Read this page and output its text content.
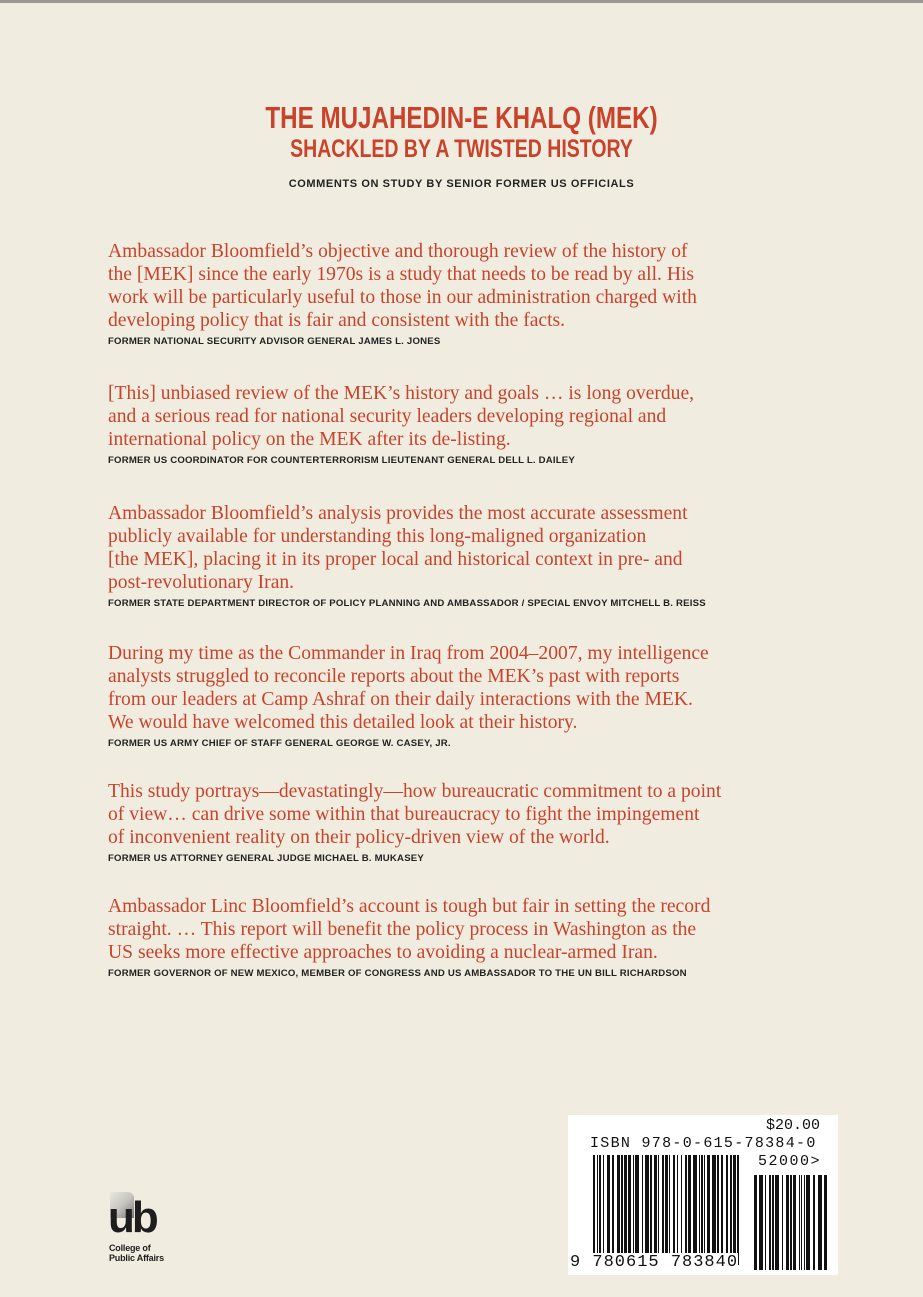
THE MUJAHEDIN-E KHALQ (MEK)
SHACKLED BY A TWISTED HISTORY
COMMENTS ON STUDY BY SENIOR FORMER US OFFICIALS
Ambassador Bloomfield’s objective and thorough review of the history of
the [MEK] since the early 1970s is a study that needs to be read by all. His
work will be particularly useful to those in our administration charged with
developing policy that is fair and consistent with the facts.
FORMER NATIONAL SECURITY ADVISOR GENERAL JAMES L. JONES
[This] unbiased review of the MEK’s history and goals … is long overdue,
and a serious read for national security leaders developing regional and
international policy on the MEK after its de-listing.
FORMER US COORDINATOR FOR COUNTERTERRORISM LIEUTENANT GENERAL DELL L. DAILEY
Ambassador Bloomfield’s analysis provides the most accurate assessment
publicly available for understanding this long-maligned organization
[the MEK], placing it in its proper local and historical context in pre- and
post-revolutionary Iran.
FORMER STATE DEPARTMENT DIRECTOR OF POLICY PLANNING AND AMBASSADOR / SPECIAL ENVOY MITCHELL B. REISS
During my time as the Commander in Iraq from 2004–2007, my intelligence
analysts struggled to reconcile reports about the MEK’s past with reports
from our leaders at Camp Ashraf on their daily interactions with the MEK.
We would have welcomed this detailed look at their history.
FORMER US ARMY CHIEF OF STAFF GENERAL GEORGE W. CASEY, JR.
This study portrays—devastatingly—how bureaucratic commitment to a point
of view… can drive some within that bureaucracy to fight the impingement
of inconvenient reality on their policy-driven view of the world.
FORMER US ATTORNEY GENERAL JUDGE MICHAEL B. MUKASEY
Ambassador Linc Bloomfield’s account is tough but fair in setting the record
straight. … This report will benefit the policy process in Washington as the
US seeks more effective approaches to avoiding a nuclear-armed Iran.
FORMER GOVERNOR OF NEW MEXICO, MEMBER OF CONGRESS AND US AMBASSADOR TO THE UN BILL RICHARDSON
ub
College of
Public Affairs
$20.00
ISBN 978-0-615-78384-0
52000>
9 780615 783840
